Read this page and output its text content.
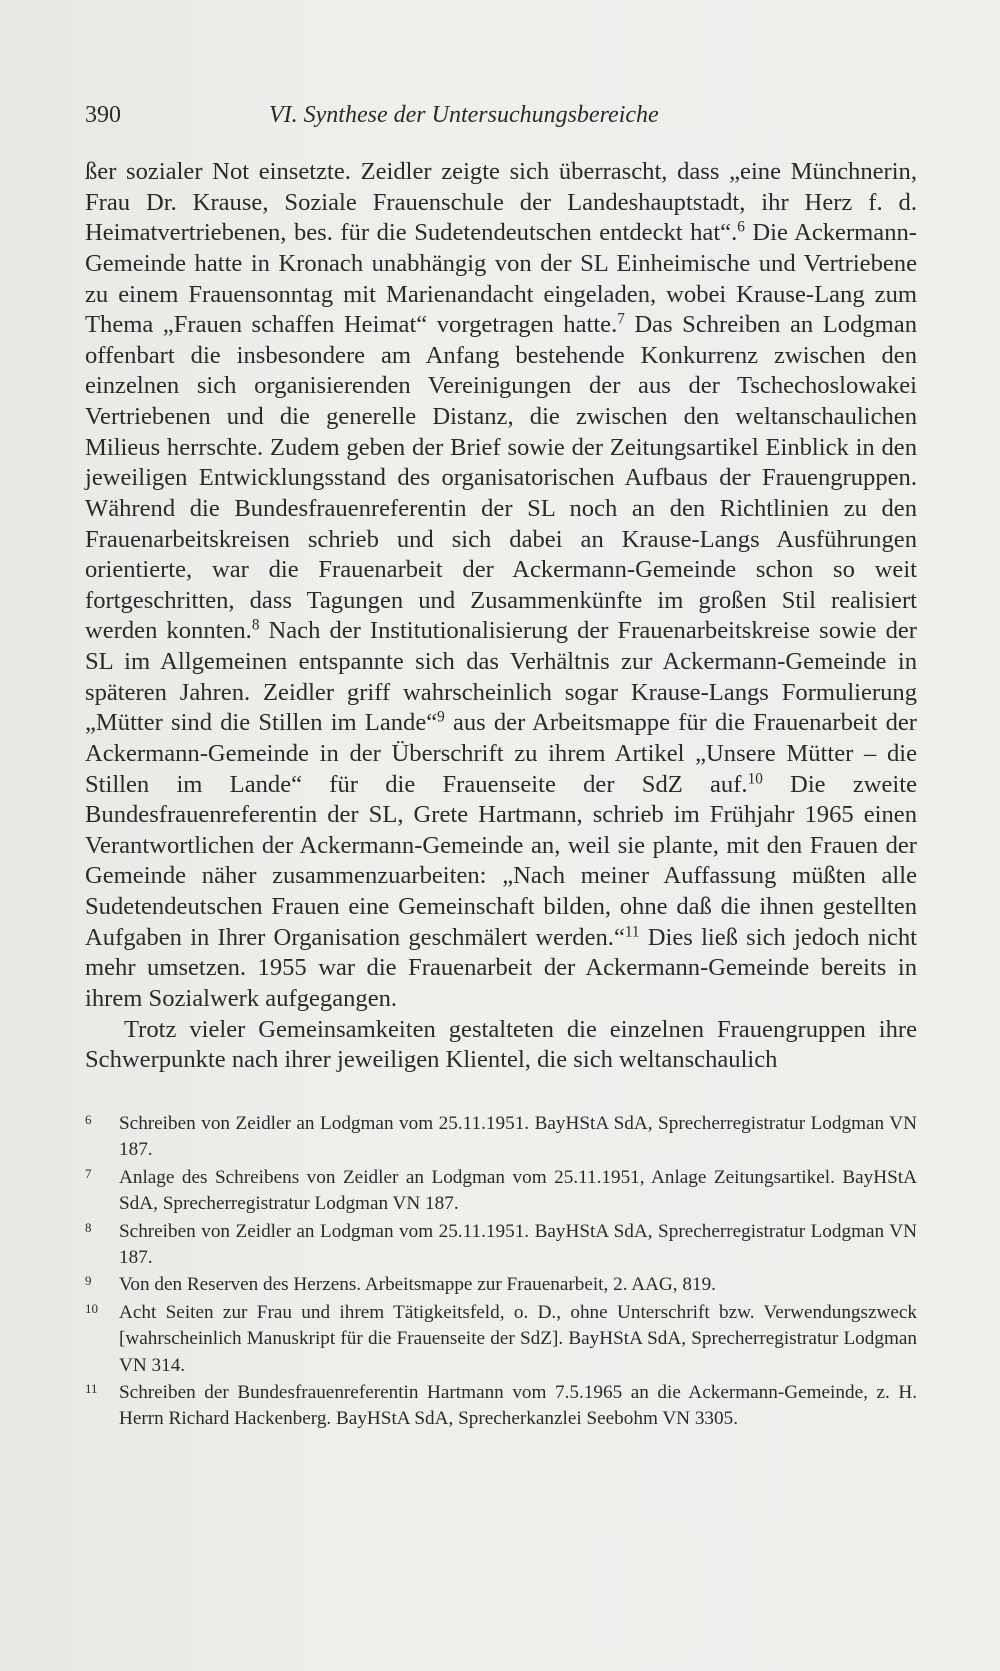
390	VI. Synthese der Untersuchungsbereiche

ßer sozialer Not einsetzte. Zeidler zeigte sich überrascht, dass „eine Münchnerin, Frau Dr. Krause, Soziale Frauenschule der Landeshauptstadt, ihr Herz f. d. Heimatvertriebenen, bes. für die Sudetendeutschen entdeckt hat“.$^6$ Die Ackermann-Gemeinde hatte in Kronach unabhängig von der SL Einheimische und Vertriebene zu einem Frauensonntag mit Marienandacht eingeladen, wobei Krause-Lang zum Thema „Frauen schaffen Heimat“ vorgetragen hatte.$^7$ Das Schreiben an Lodgman offenbart die insbesondere am Anfang bestehende Konkurrenz zwischen den einzelnen sich organisierenden Vereinigungen der aus der Tschechoslowakei Vertriebenen und die generelle Distanz, die zwischen den weltanschaulichen Milieus herrschte. Zudem geben der Brief sowie der Zeitungsartikel Einblick in den jeweiligen Entwicklungsstand des organisatorischen Aufbaus der Frauengruppen. Während die Bundesfrauenreferentin der SL noch an den Richtlinien zu den Frauenarbeitskreisen schrieb und sich dabei an Krause-Langs Ausführungen orientierte, war die Frauenarbeit der Ackermann-Gemeinde schon so weit fortgeschritten, dass Tagungen und Zusammenkünfte im großen Stil realisiert werden konnten.$^8$ Nach der Institutionalisierung der Frauenarbeitskreise sowie der SL im Allgemeinen entspannte sich das Verhältnis zur Ackermann-Gemeinde in späteren Jahren. Zeidler griff wahrscheinlich sogar Krause-Langs Formulierung „Mütter sind die Stillen im Lande“$^9$ aus der Arbeitsmappe für die Frauenarbeit der Ackermann-Gemeinde in der Überschrift zu ihrem Artikel „Unsere Mütter – die Stillen im Lande“ für die Frauenseite der SdZ auf.$^{10}$ Die zweite Bundesfrauenreferentin der SL, Grete Hartmann, schrieb im Frühjahr 1965 einen Verantwortlichen der Ackermann-Gemeinde an, weil sie plante, mit den Frauen der Gemeinde näher zusammenzuarbeiten: „Nach meiner Auffassung müßten alle Sudetendeutschen Frauen eine Gemeinschaft bilden, ohne daß die ihnen gestellten Aufgaben in Ihrer Organisation geschmälert werden.“$^{11}$ Dies ließ sich jedoch nicht mehr umsetzen. 1955 war die Frauenarbeit der Ackermann-Gemeinde bereits in ihrem Sozialwerk aufgegangen.

Trotz vieler Gemeinsamkeiten gestalteten die einzelnen Frauengruppen ihre Schwerpunkte nach ihrer jeweiligen Klientel, die sich weltanschaulich

6	Schreiben von Zeidler an Lodgman vom 25.11.1951. BayHStA SdA, Sprecherregistratur Lodgman VN 187.
7	Anlage des Schreibens von Zeidler an Lodgman vom 25.11.1951, Anlage Zeitungsartikel. BayHStA SdA, Sprecherregistratur Lodgman VN 187.
8	Schreiben von Zeidler an Lodgman vom 25.11.1951. BayHStA SdA, Sprecherregistratur Lodgman VN 187.
9	Von den Reserven des Herzens. Arbeitsmappe zur Frauenarbeit, 2. AAG, 819.
10	Acht Seiten zur Frau und ihrem Tätigkeitsfeld, o. D., ohne Unterschrift bzw. Verwendungszweck [wahrscheinlich Manuskript für die Frauenseite der SdZ]. BayHStA SdA, Sprecherregistratur Lodgman VN 314.
11	Schreiben der Bundesfrauenreferentin Hartmann vom 7.5.1965 an die Ackermann-Gemeinde, z. H. Herrn Richard Hackenberg. BayHStA SdA, Sprecherkanzlei Seebohm VN 3305.
